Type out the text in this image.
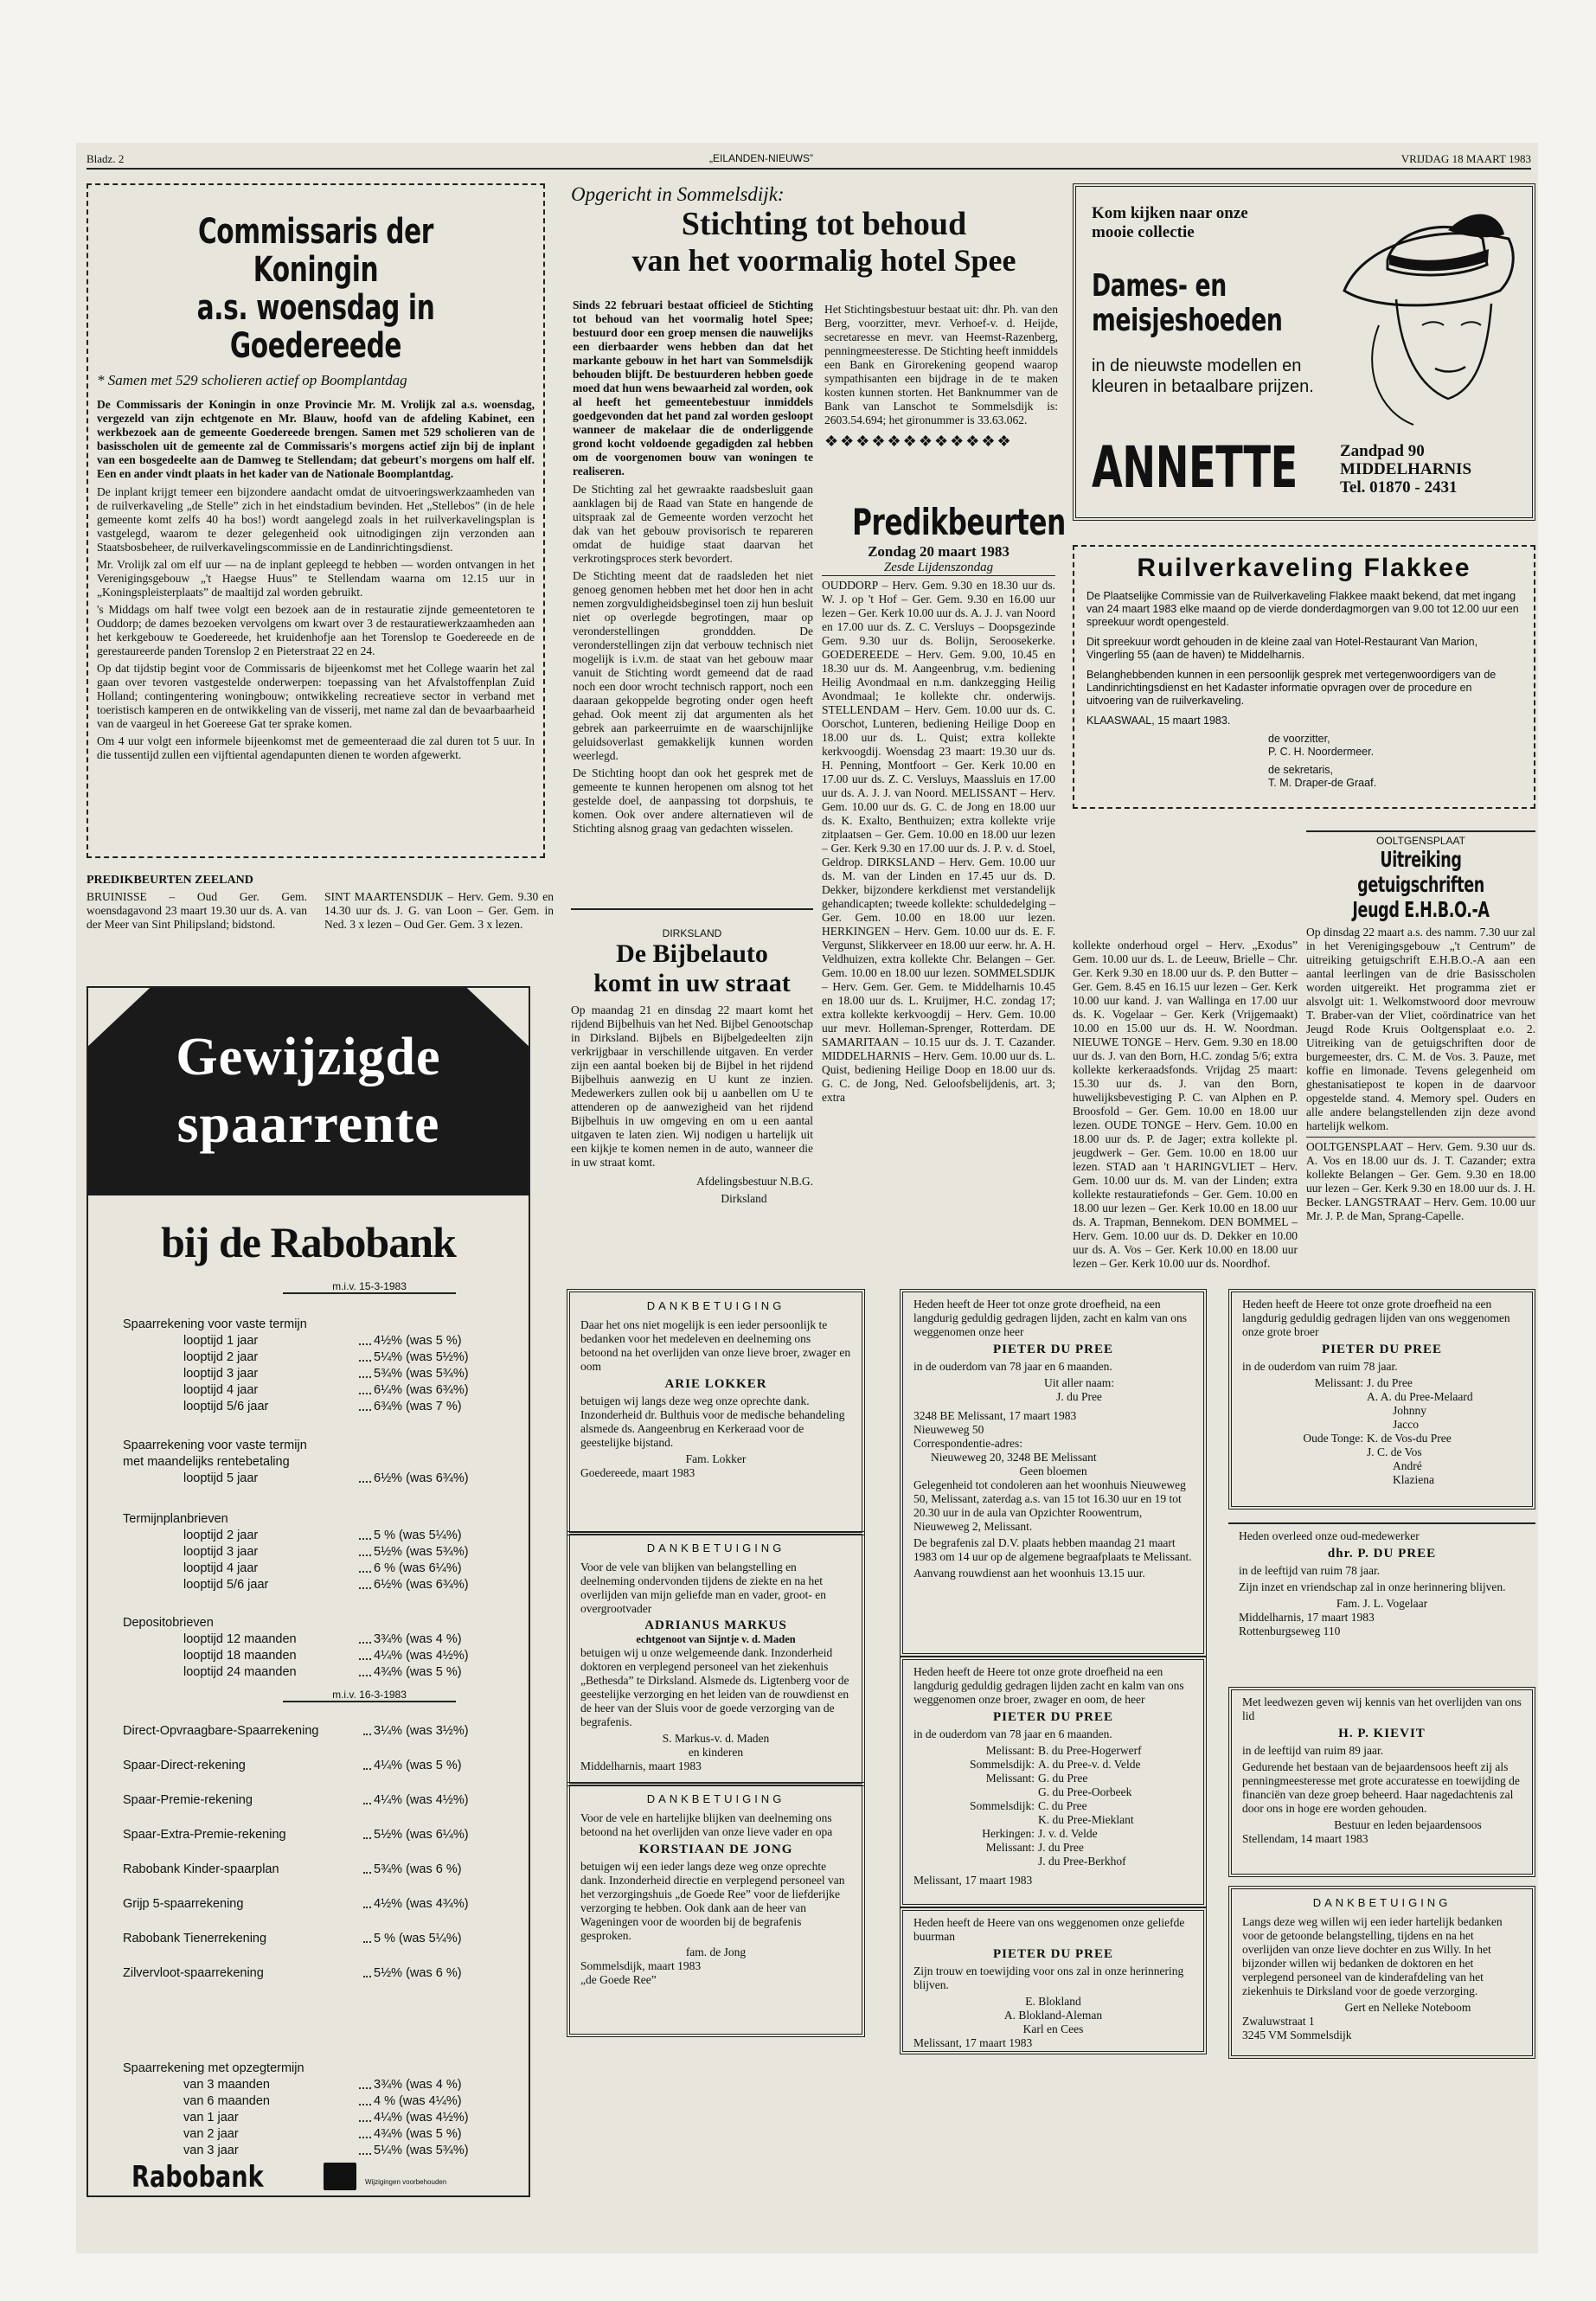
Bladz. 2	„EILANDEN-NIEUWS”	VRIJDAG 18 MAART 1983
Commissaris der Koningin
a.s. woensdag in Goedereede
* Samen met 529 scholieren actief op Boomplantdag

De Commissaris der Koningin in onze Provincie Mr. M. Vrolijk zal a.s. woensdag, vergezeld van zijn echtgenote en Mr. Blauw, hoofd van de afdeling Kabinet, een werkbezoek aan de gemeente Goedereede brengen. Samen met 529 scholieren van de basisscholen uit de gemeente zal de Commissaris's morgens actief zijn bij de inplant van een bosgedeelte aan de Damweg te Stellendam; dat gebeurt's morgens om half elf. Een en ander vindt plaats in het kader van de Nationale Boomplantdag.

De inplant krijgt temeer een bijzondere aandacht omdat de uitvoeringswerkzaamheden van de ruilverkaveling „de Stelle” zich in het eindstadium bevinden. Het „Stellebos” (in de hele gemeente komt zelfs 40 ha bos!) wordt aangelegd zoals in het ruilverkavelingsplan is vastgelegd, waarom te dezer gelegenheid ook uitnodigingen zijn verzonden aan Staatsbosbeheer, de ruilverkavelingscommissie en de Landinrichtingsdienst.

Mr. Vrolijk zal om elf uur — na de inplant gepleegd te hebben — worden ontvangen in het Verenigingsgebouw „'t Haegse Huus” te Stellendam waarna om 12.15 uur in „Koningspleisterplaats” de maaltijd zal worden gebruikt.

's Middags om half twee volgt een bezoek aan de in restauratie zijnde gemeentetoren te Ouddorp; de dames bezoeken vervolgens om kwart over 3 de restauratiewerkzaamheden aan het kerkgebouw te Goedereede, het kruidenhofje aan het Torenslop te Goedereede en de gerestaureerde panden Torenslop 2 en Pieterstraat 22 en 24.

Op dat tijdstip begint voor de Commissaris de bijeenkomst met het College waarin het zal gaan over tevoren vastgestelde onderwerpen: toepassing van het Afvalstoffenplan Zuid Holland; contingentering woningbouw; ontwikkeling recreatieve sector in verband met toeristisch kamperen en de ontwikkeling van de visserij, met name zal dan de bevaarbaarheid van de vaargeul in het Goereese Gat ter sprake komen.

Om 4 uur volgt een informele bijeenkomst met de gemeenteraad die zal duren tot 5 uur. In die tussentijd zullen een vijftiental agendapunten dienen te worden afgewerkt.

PREDIKBEURTEN ZEELAND
BRUINISSE – Oud Ger. Gem. woensdagavond 23 maart 19.30 uur ds. A. van der Meer van Sint Philipsland; bidstond.
SINT MAARTENSDIJK – Herv. Gem. 9.30 en 14.30 uur ds. J. G. van Loon – Ger. Gem. in Ned. 3 x lezen – Oud Ger. Gem. 3 x lezen.
Gewijzigde
spaarrente
bij de Rabobank
m.i.v. 15-3-1983
Spaarrekening voor vaste termijn
looptijd 1 jaar	4½% (was 5 %)
looptijd 2 jaar	5¼% (was 5½%)
looptijd 3 jaar	5¾% (was 5¾%)
looptijd 4 jaar	6¼% (was 6¾%)
looptijd 5/6 jaar	6¾% (was 7 %)
Spaarrekening voor vaste termijn
met maandelijks rentebetaling
looptijd 5 jaar	6½% (was 6¾%)
Termijnplanbrieven
looptijd 2 jaar	5 % (was 5¼%)
looptijd 3 jaar	5½% (was 5¾%)
looptijd 4 jaar	6 % (was 6¼%)
looptijd 5/6 jaar	6½% (was 6¾%)
Depositobrieven
looptijd 12 maanden	3¾% (was 4 %)
looptijd 18 maanden	4¼% (was 4½%)
looptijd 24 maanden	4¾% (was 5 %)
m.i.v. 16-3-1983
Direct-Opvraagbare-Spaarrekening	3¼% (was 3½%)
Spaar-Direct-rekening	4¼% (was 5 %)
Spaar-Premie-rekening	4¼% (was 4½%)
Spaar-Extra-Premie-rekening	5½% (was 6¼%)
Rabobank Kinder-spaarplan	5¾% (was 6 %)
Grijp 5-spaarrekening	4½% (was 4¾%)
Rabobank Tienerrekening	5 % (was 5¼%)
Zilvervloot-spaarrekening	5½% (was 6 %)
Spaarrekening met opzegtermijn
van 3 maanden	3¾% (was 4 %)
van 6 maanden	4 % (was 4¼%)
van 1 jaar	4¼% (was 4½%)
van 2 jaar	4¾% (was 5 %)
van 3 jaar	5¼% (was 5¾%)
Rabobank	Wijzigingen voorbehouden
Opgericht in Sommelsdijk:
Stichting tot behoud
van het voormalig hotel Spee

Sinds 22 februari bestaat officieel de Stichting tot behoud van het voormalig hotel Spee; bestuurd door een groep mensen die nauwelijks een dierbaarder wens hebben dan dat het markante gebouw in het hart van Sommelsdijk behouden blijft. De bestuurderen hebben goede moed dat hun wens bewaarheid zal worden, ook al heeft het gemeentebestuur inmiddels goedgevonden dat het pand zal worden gesloopt wanneer de makelaar die de onderliggende grond kocht voldoende gegadigden zal hebben om de voorgenomen bouw van woningen te realiseren.

De Stichting zal het gewraakte raadsbesluit gaan aanklagen bij de Raad van State en hangende de uitspraak zal de Gemeente worden verzocht het dak van het gebouw provisorisch te repareren omdat de huidige staat daarvan het verkrotingsproces sterk bevordert.

De Stichting meent dat de raadsleden het niet genoeg genomen hebben met het door hen in acht nemen zorgvuldigheidsbeginsel toen zij hun besluit niet op overlegde begrotingen, maar op veronderstellingen gronddden. De veronderstellingen zijn dat verbouw technisch niet mogelijk is i.v.m. de staat van het gebouw maar vanuit de Stichting wordt gemeend dat de raad noch een door wrocht technisch rapport, noch een daaraan gekoppelde begroting onder ogen heeft gehad. Ook meent zij dat argumenten als het gebrek aan parkeerruimte en de waarschijnlijke geluidsoverlast gemakkelijk kunnen worden weerlegd.

De Stichting hoopt dan ook het gesprek met de gemeente te kunnen heropenen om alsnog tot het gestelde doel, de aanpassing tot dorpshuis, te komen. Ook over andere alternatieven wil de Stichting alsnog graag van gedachten wisselen.

Het Stichtingsbestuur bestaat uit: dhr. Ph. van den Berg, voorzitter, mevr. Verhoef-v. d. Heijde, secretaresse en mevr. van Heemst-Razenberg, penningmeesteresse. De Stichting heeft inmiddels een Bank en Girorekening geopend waarop sympathisanten een bijdrage in de te maken kosten kunnen storten. Het Banknummer van de Bank van Lanschot te Sommelsdijk is: 2603.54.694; het gironummer is 33.63.062.

❖❖❖❖❖❖❖❖❖❖❖❖
DIRKSLAND
De Bijbelauto
komt in uw straat

Op maandag 21 en dinsdag 22 maart komt het rijdend Bijbelhuis van het Ned. Bijbel Genootschap in Dirksland. Bijbels en Bijbelgedeelten zijn verkrijgbaar in verschillende uitgaven. En verder zijn een aantal boeken bij de Bijbel in het rijdend Bijbelhuis aanwezig en U kunt ze inzien. Medewerkers zullen ook bij u aanbellen om U te attenderen op de aanwezigheid van het rijdend Bijbelhuis in uw omgeving en om u een aantal uitgaven te laten zien. Wij nodigen u hartelijk uit een kijkje te komen nemen in de auto, wanneer die in uw straat komt.

Afdelingsbestuur N.B.G.
Dirksland
Predikbeurten
Zondag 20 maart 1983
Zesde Lijdenszondag

OUDDORP – Herv. Gem. 9.30 en 18.30 uur ds. W. J. op 't Hof – Ger. Gem. 9.30 en 16.00 uur lezen – Ger. Kerk 10.00 uur ds. A. J. J. van Noord en 17.00 uur ds. Z. C. Versluys – Doopsgezinde Gem. 9.30 uur ds. Bolijn, Seroosekerke. GOEDEREEDE – Herv. Gem. 9.00, 10.45 en 18.30 uur ds. M. Aangeenbrug, v.m. bediening Heilig Avondmaal en n.m. dankzegging Heilig Avondmaal; 1e kollekte chr. onderwijs. STELLENDAM – Herv. Gem. 10.00 uur ds. C. Oorschot, Lunteren, bediening Heilige Doop en 18.00 uur ds. L. Quist; extra kollekte kerkvoogdij. Woensdag 23 maart: 19.30 uur ds. H. Penning, Montfoort – Ger. Kerk 10.00 en 17.00 uur ds. Z. C. Versluys, Maassluis en 17.00 uur ds. A. J. J. van Noord. MELISSANT – Herv. Gem. 10.00 uur ds. G. C. de Jong en 18.00 uur ds. K. Exalto, Benthuizen; extra kollekte vrije zitplaatsen – Ger. Gem. 10.00 en 18.00 uur lezen – Ger. Kerk 9.30 en 17.00 uur ds. J. P. v. d. Stoel, Geldrop. DIRKSLAND – Herv. Gem. 10.00 uur ds. M. van der Linden en 17.45 uur ds. D. Dekker, bijzondere kerkdienst met verstandelijk gehandicapten; tweede kollekte: schuldedelging – Ger. Gem. 10.00 en 18.00 uur lezen. HERKINGEN – Herv. Gem. 10.00 uur ds. E. F. Vergunst, Slikkerveer en 18.00 uur eerw. hr. A. H. Veldhuizen, extra kollekte Chr. Belangen – Ger. Gem. 10.00 en 18.00 uur lezen. SOMMELSDIJK – Herv. Gem. Ger. Gem. te Middelharnis 10.45 en 18.00 uur ds. L. Kruijmer, H.C. zondag 17; extra kollekte kerkvoogdij – Herv. Gem. 10.00 uur mevr. Holleman-Sprenger, Rotterdam. DE SAMARITAAN – 10.15 uur ds. J. T. Cazander. MIDDELHARNIS – Herv. Gem. 10.00 uur ds. L. Quist, bediening Heilige Doop en 18.00 uur ds. G. C. de Jong, Ned. Geloofsbelijdenis, art. 3; extra

kollekte onderhoud orgel – Herv. „Exodus” Gem. 10.00 uur ds. L. de Leeuw, Brielle – Chr. Ger. Kerk 9.30 en 18.00 uur ds. P. den Butter – Ger. Gem. 8.45 en 16.15 uur lezen – Ger. Kerk 10.00 uur kand. J. van Wallinga en 17.00 uur ds. K. Vogelaar – Ger. Kerk (Vrijgemaakt) 10.00 en 15.00 uur ds. H. W. Noordman. NIEUWE TONGE – Herv. Gem. 9.30 en 18.00 uur ds. J. van den Born, H.C. zondag 5/6; extra kollekte kerkeraadsfonds. Vrijdag 25 maart: 15.30 uur ds. J. van den Born, huwelijksbevestiging P. C. van Alphen en P. Broosfold – Ger. Gem. 10.00 en 18.00 uur lezen. OUDE TONGE – Herv. Gem. 10.00 en 18.00 uur ds. P. de Jager; extra kollekte pl. jeugdwerk – Ger. Gem. 10.00 en 18.00 uur lezen. STAD aan 't HARINGVLIET – Herv. Gem. 10.00 uur ds. M. van der Linden; extra kollekte restauratiefonds – Ger. Gem. 10.00 en 18.00 uur lezen – Ger. Kerk 10.00 en 18.00 uur ds. A. Trapman, Bennekom. DEN BOMMEL – Herv. Gem. 10.00 uur ds. D. Dekker en 10.00 uur ds. A. Vos – Ger. Kerk 10.00 en 18.00 uur lezen – Ger. Kerk 10.00 uur ds. Noordhof.

Kom kijken naar onze
mooie collectie
Dames- en
meisjeshoeden
in de nieuwste modellen en kleuren in betaalbare prijzen.
ANNETTE	Zandpad 90
MIDDELHARNIS
Tel. 01870 - 2431
Ruilverkaveling Flakkee

De Plaatselijke Commissie van de Ruilverkaveling Flakkee maakt bekend, dat met ingang van 24 maart 1983 elke maand op de vierde donderdagmorgen van 9.00 tot 12.00 uur een spreekuur wordt opengesteld.

Dit spreekuur wordt gehouden in de kleine zaal van Hotel-Restaurant Van Marion, Vingerling 55 (aan de haven) te Middelharnis.

Belanghebbenden kunnen in een persoonlijk gesprek met vertegenwoordigers van de Landinrichtingsdienst en het Kadaster informatie opvragen over de procedure en uitvoering van de ruilverkaveling.

KLAASWAAL, 15 maart 1983.

de voorzitter,
P. C. H. Noordermeer.
de sekretaris,
T. M. Draper-de Graaf.
OOLTGENSPLAAT
Uitreiking getuigschriften
Jeugd E.H.B.O.-A

Op dinsdag 22 maart a.s. des namm. 7.30 uur zal in het Verenigingsgebouw „'t Centrum” de uitreiking getuigschrift E.H.B.O.-A aan een aantal leerlingen van de drie Basisscholen worden uitgereikt. Het programma ziet er alsvolgt uit: 1. Welkomstwoord door mevrouw T. Braber-van der Vliet, coördinatrice van het Jeugd Rode Kruis Ooltgensplaat e.o. 2. Uitreiking van de getuigschriften door de burgemeester, drs. C. M. de Vos. 3. Pauze, met koffie en limonade. Tevens gelegenheid om ghestanisatiepost te kopen in de daarvoor opgestelde stand. 4. Memory spel. Ouders en alle andere belangstellenden zijn deze avond hartelijk welkom.

OOLTGENSPLAAT – Herv. Gem. 9.30 uur ds. A. Vos en 18.00 uur ds. J. T. Cazander; extra kollekte Belangen – Ger. Gem. 9.30 en 18.00 uur lezen – Ger. Kerk 9.30 en 18.00 uur ds. J. H. Becker. LANGSTRAAT – Herv. Gem. 10.00 uur Mr. J. P. de Man, Sprang-Capelle.

DANKBETUIGING

Daar het ons niet mogelijk is een ieder persoonlijk te bedanken voor het medeleven en deelneming ons betoond na het overlijden van onze lieve broer, zwager en oom

ARIE LOKKER

betuigen wij langs deze weg onze oprechte dank. Inzonderheid dr. Bulthuis voor de medische behandeling alsmede ds. Aangeenbrug en Kerkeraad voor de geestelijke bijstand.

Fam. Lokker
Goedereede, maart 1983
DANKBETUIGING

Voor de vele van blijken van belangstelling en deelneming ondervonden tijdens de ziekte en na het overlijden van mijn geliefde man en vader, groot- en overgrootvader

ADRIANUS MARKUS
echtgenoot van Sijntje v. d. Maden

betuigen wij u onze welgemeende dank. Inzonderheid doktoren en verplegend personeel van het ziekenhuis „Bethesda” te Dirksland. Alsmede ds. Ligtenberg voor de geestelijke verzorging en het leiden van de rouwdienst en de heer van der Sluis voor de goede verzorging van de begrafenis.

S. Markus-v. d. Maden
en kinderen
Middelharnis, maart 1983
DANKBETUIGING

Voor de vele en hartelijke blijken van deelneming ons betoond na het overlijden van onze lieve vader en opa

KORSTIAAN DE JONG

betuigen wij een ieder langs deze weg onze oprechte dank. Inzonderheid directie en verplegend personeel van het verzorgingshuis „de Goede Ree” voor de liefderijke verzorging te hebben. Ook dank aan de heer van Wageningen voor de woorden bij de begrafenis gesproken.

fam. de Jong
Sommelsdijk, maart 1983
„de Goede Ree”

Heden heeft de Heer tot onze grote droefheid, na een langdurig geduldig gedragen lijden, zacht en kalm van ons weggenomen onze heer

PIETER DU PREE

in de ouderdom van 78 jaar en 6 maanden.

Uit aller naam:
J. du Pree
3248 BE Melissant, 17 maart 1983
Nieuweweg 50
Correspondentie-adres:
Nieuweweg 20, 3248 BE Melissant
Geen bloemen

Gelegenheid tot condoleren aan het woonhuis Nieuweweg 50, Melissant, zaterdag a.s. van 15 tot 16.30 uur en 19 tot 20.30 uur in de aula van Opzichter Roowentrum, Nieuweweg 2, Melissant.

De begrafenis zal D.V. plaats hebben maandag 21 maart 1983 om 14 uur op de algemene begraafplaats te Melissant.

Aanvang rouwdienst aan het woonhuis 13.15 uur.

Heden heeft de Heere tot onze grote droefheid na een langdurig geduldig gedragen lijden zacht en kalm van ons weggenomen onze broer, zwager en oom, de heer

PIETER DU PREE

in de ouderdom van 78 jaar en 6 maanden.

Melissant: B. du Pree-Hogerwerf
Sommelsdijk: A. du Pree-v. d. Velde
Melissant: G. du Pree
G. du Pree-Oorbeek
Sommelsdijk: C. du Pree
K. du Pree-Mieklant
Herkingen: J. v. d. Velde
Melissant: J. du Pree
J. du Pree-Berkhof
Melissant, 17 maart 1983

Heden heeft de Heere van ons weggenomen onze geliefde buurman

PIETER DU PREE

Zijn trouw en toewijding voor ons zal in onze herinnering blijven.

E. Blokland
A. Blokland-Aleman
Karl en Cees
Melissant, 17 maart 1983

Heden heeft de Heere tot onze grote droefheid na een langdurig geduldig gedragen lijden van ons weggenomen onze grote broer

PIETER DU PREE

in de ouderdom van ruim 78 jaar.

Melissant: J. du Pree
A. A. du Pree-Melaard
Johnny
Jacco
Oude Tonge: K. de Vos-du Pree
J. C. de Vos
André
Klaziena

Heden overleed onze oud-medewerker

dhr. P. DU PREE

in de leeftijd van ruim 78 jaar.

Zijn inzet en vriendschap zal in onze herinnering blijven.

Fam. J. L. Vogelaar
Middelharnis, 17 maart 1983
Rottenburgseweg 110

Met leedwezen geven wij kennis van het overlijden van ons lid

H. P. KIEVIT

in de leeftijd van ruim 89 jaar.

Gedurende het bestaan van de bejaardensoos heeft zij als penningmeesteresse met grote accuratesse en toewijding de financiën van deze groep beheerd. Haar nagedachtenis zal door ons in hoge ere worden gehouden.

Bestuur en leden bejaardensoos
Stellendam, 14 maart 1983
DANKBETUIGING

Langs deze weg willen wij een ieder hartelijk bedanken voor de getoonde belangstelling, tijdens en na het overlijden van onze lieve dochter en zus Willy. In het bijzonder willen wij bedanken de doktoren en het verplegend personeel van de kinderafdeling van het ziekenhuis te Dirksland voor de goede verzorging.

Gert en Nelleke Noteboom
Zwaluwstraat 1
3245 VM Sommelsdijk
